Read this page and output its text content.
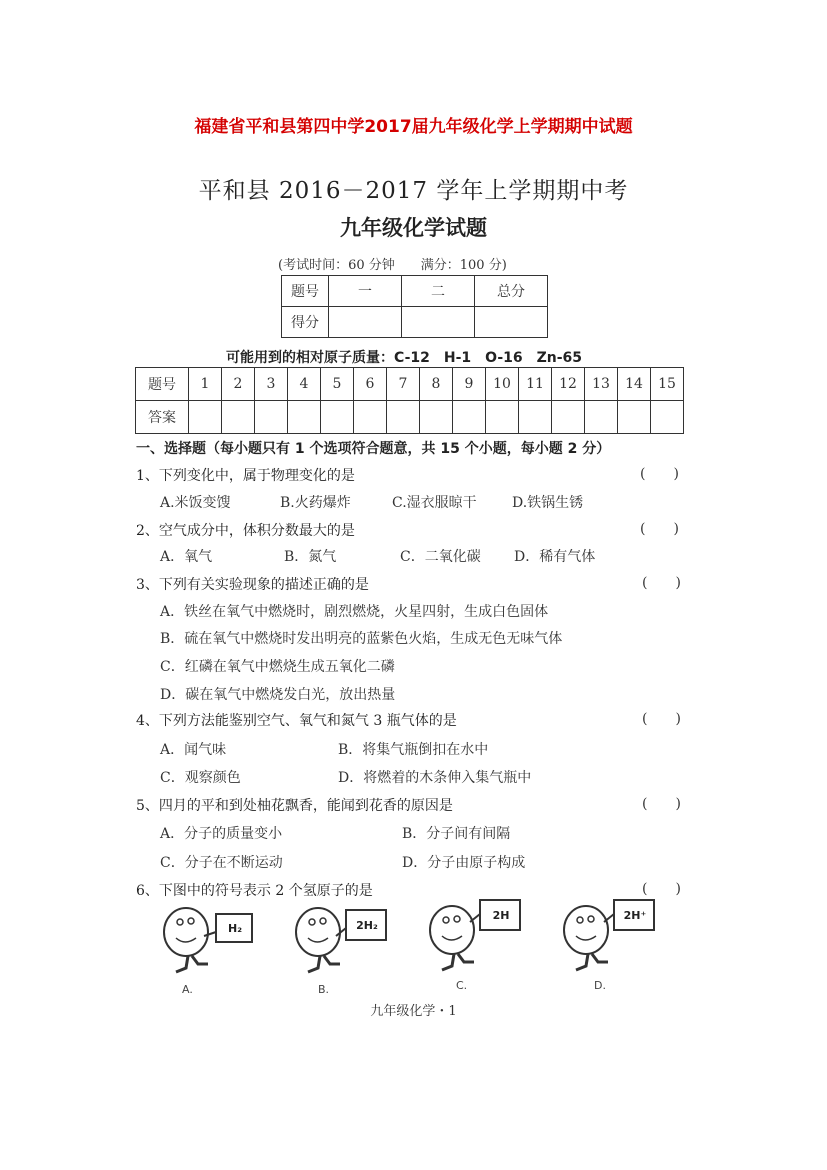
福建省平和县第四中学2017届九年级化学上学期期中试题
平和县 2016－2017 学年上学期期中考
九年级化学试题
(考试时间：60 分钟　　满分：100 分)
题号	一	二	总分
得分			
可能用到的相对原子质量：C-12　H-1　O-16　Zn-65
题号	1	2	3	4	5	6	7	8	9	10	11	12	13	14	15
答案															
一、选择题（每小题只有 1 个选项符合题意，共 15 个小题，每小题 2 分）
1、下列变化中，属于物理变化的是	(　　)
A.米饭变馊	B.火药爆炸	C.湿衣服晾干	D.铁锅生锈
2、空气成分中，体积分数最大的是	(　　)
A．氧气	B．氮气	C．二氧化碳 D．稀有气体
3、下列有关实验现象的描述正确的是	(　　)
A．铁丝在氧气中燃烧时，剧烈燃烧，火星四射，生成白色固体
B．硫在氧气中燃烧时发出明亮的蓝紫色火焰，生成无色无味气体
C．红磷在氧气中燃烧生成五氧化二磷
D．碳在氧气中燃烧发白光，放出热量
4、下列方法能鉴别空气、氧气和氮气 3 瓶气体的是	(　　)
A．闻气味	B．将集气瓶倒扣在水中
C．观察颜色	D．将燃着的木条伸入集气瓶中
5、四月的平和到处柚花飘香，能闻到花香的原因是	(　　)
A．分子的质量变小	B．分子间有间隔
C．分子在不断运动	D．分子由原子构成
6、下图中的符号表示 2 个氢原子的是	(　　)
H₂
A.
2H₂
B.
2H
C.
2H⁺
D.
九年级化学・1
